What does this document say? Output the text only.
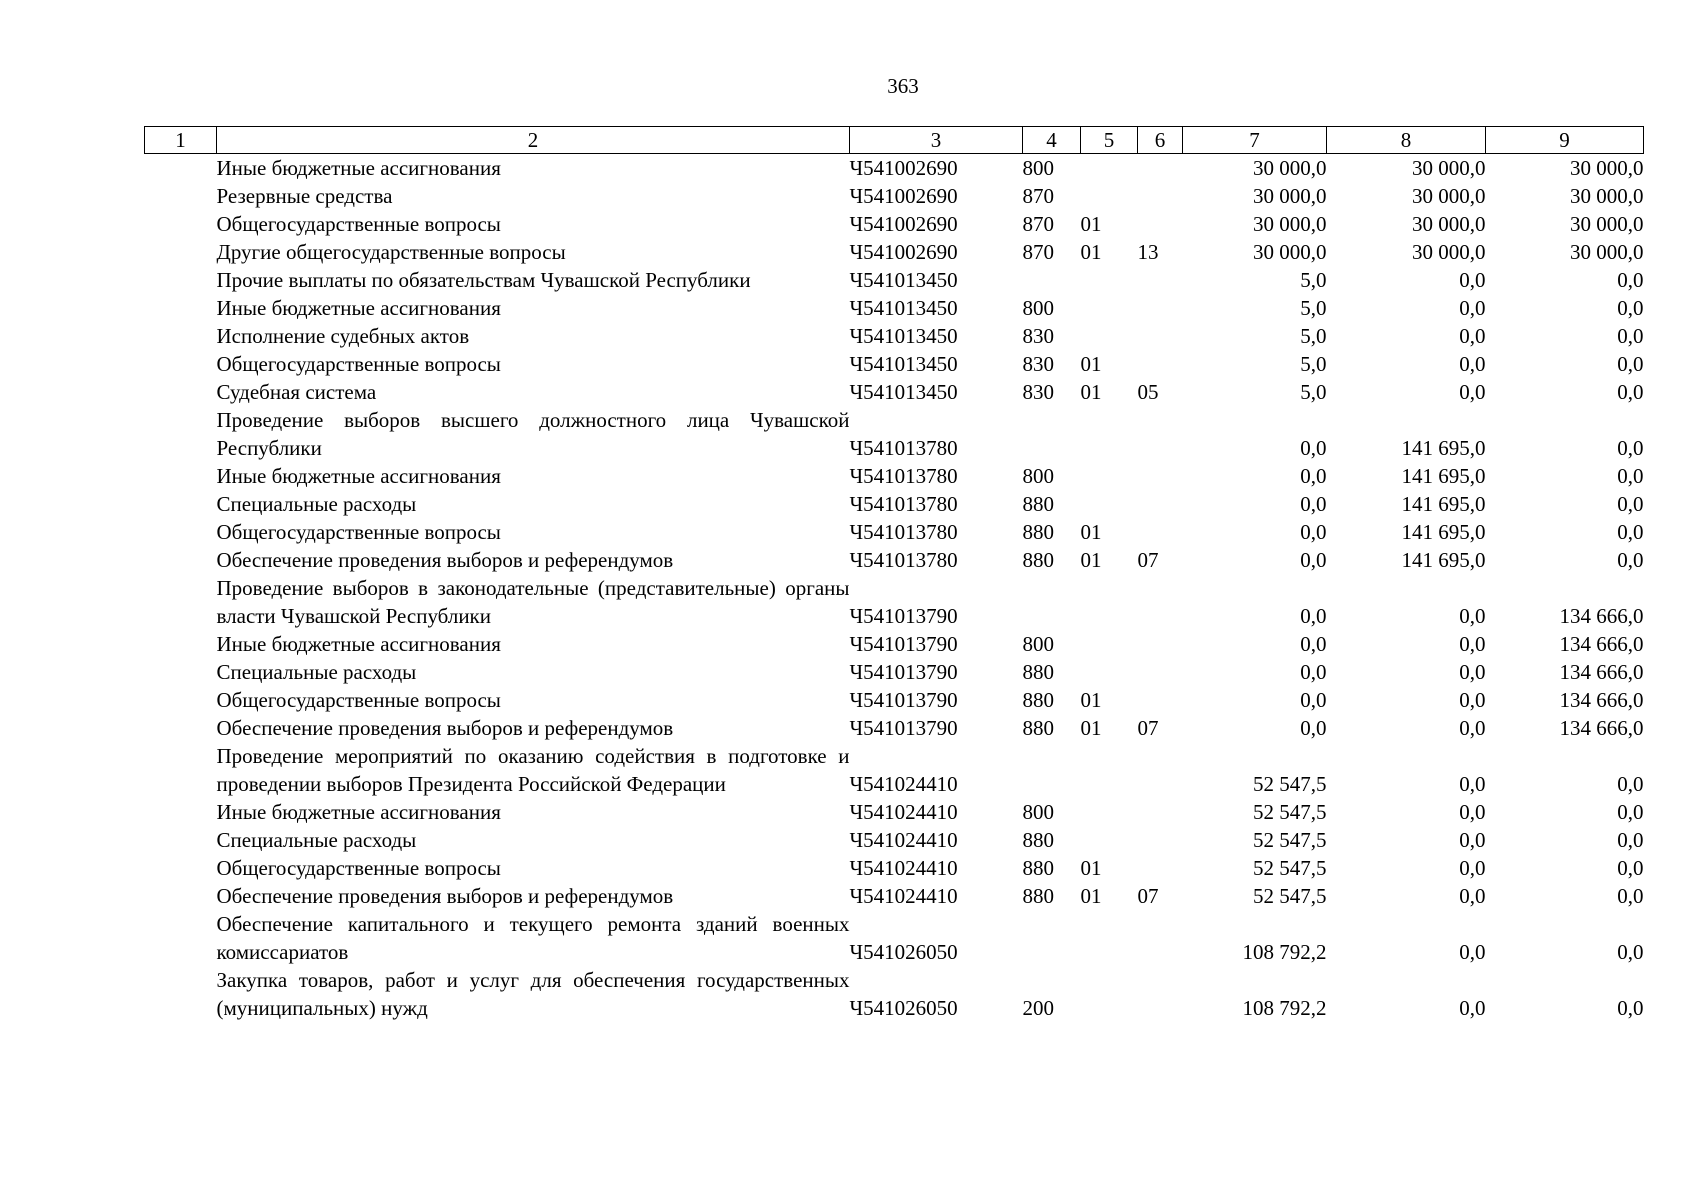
363
1	2	3	4	5	6	7	8	9
	Иные бюджетные ассигнования	Ч541002690	800			30 000,0	30 000,0	30 000,0
	Резервные средства	Ч541002690	870			30 000,0	30 000,0	30 000,0
	Общегосударственные вопросы	Ч541002690	870	01		30 000,0	30 000,0	30 000,0
	Другие общегосударственные вопросы	Ч541002690	870	01	13	30 000,0	30 000,0	30 000,0
	Прочие выплаты по обязательствам Чувашской Республики	Ч541013450				5,0	0,0	0,0
	Иные бюджетные ассигнования	Ч541013450	800			5,0	0,0	0,0
	Исполнение судебных актов	Ч541013450	830			5,0	0,0	0,0
	Общегосударственные вопросы	Ч541013450	830	01		5,0	0,0	0,0
	Судебная система	Ч541013450	830	01	05	5,0	0,0	0,0
	Проведение выборов высшего должностного лица Чувашской Республики	Ч541013780				0,0	141 695,0	0,0
	Иные бюджетные ассигнования	Ч541013780	800			0,0	141 695,0	0,0
	Специальные расходы	Ч541013780	880			0,0	141 695,0	0,0
	Общегосударственные вопросы	Ч541013780	880	01		0,0	141 695,0	0,0
	Обеспечение проведения выборов и референдумов	Ч541013780	880	01	07	0,0	141 695,0	0,0
	Проведение выборов в законодательные (представительные) органы власти Чувашской Республики	Ч541013790				0,0	0,0	134 666,0
	Иные бюджетные ассигнования	Ч541013790	800			0,0	0,0	134 666,0
	Специальные расходы	Ч541013790	880			0,0	0,0	134 666,0
	Общегосударственные вопросы	Ч541013790	880	01		0,0	0,0	134 666,0
	Обеспечение проведения выборов и референдумов	Ч541013790	880	01	07	0,0	0,0	134 666,0
	Проведение мероприятий по оказанию содействия в подготовке и проведении выборов Президента Российской Федерации	Ч541024410				52 547,5	0,0	0,0
	Иные бюджетные ассигнования	Ч541024410	800			52 547,5	0,0	0,0
	Специальные расходы	Ч541024410	880			52 547,5	0,0	0,0
	Общегосударственные вопросы	Ч541024410	880	01		52 547,5	0,0	0,0
	Обеспечение проведения выборов и референдумов	Ч541024410	880	01	07	52 547,5	0,0	0,0
	Обеспечение капитального и текущего ремонта зданий военных комиссариатов	Ч541026050				108 792,2	0,0	0,0
	Закупка товаров, работ и услуг для обеспечения государственных (муниципальных) нужд	Ч541026050	200			108 792,2	0,0	0,0
